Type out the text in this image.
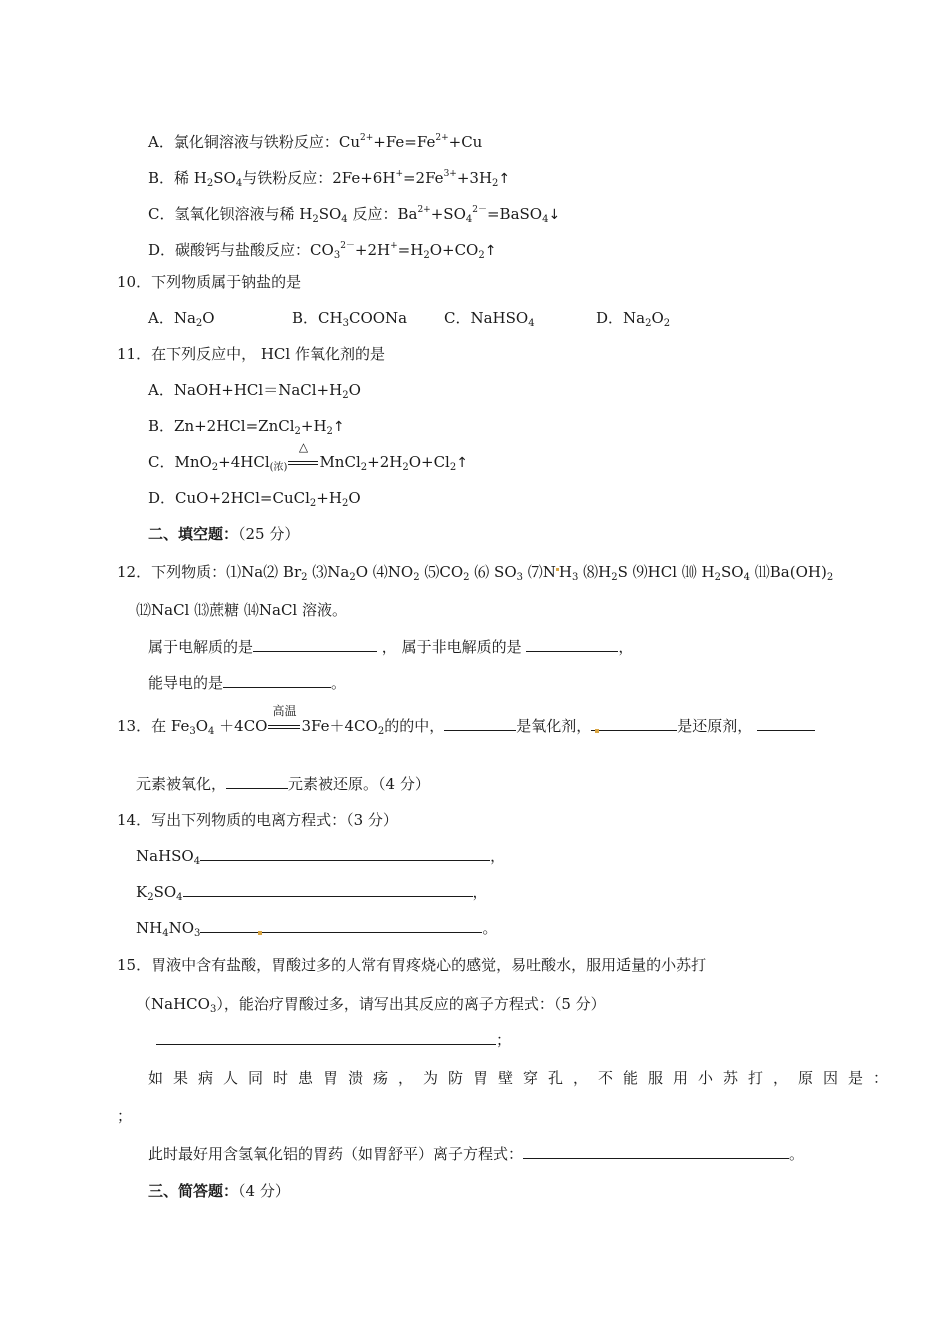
A．氯化铜溶液与铁粉反应：$Cu^{2+}+Fe=Fe^{2+}+Cu$
B．稀 $H_2SO_4$与铁粉反应：$2Fe+6H^+=2Fe^{3+}+3H_2↑$
C．氢氧化钡溶液与稀 $H_2SO_4$ 反应：$Ba^{2+}+SO_4^{2-}=BaSO_4↓$
D．碳酸钙与盐酸反应：$CO_3^{2-}+2H^+=H_2O+CO_2↑$
10．下列物质属于钠盐的是
A．$Na_2O$	B．$CH_3COONa$ C．NaHSO$_4$	D．$Na_2O_2$
11．在下列反应中， HCl 作氧化剂的是
A．$NaOH+HCl=NaCl+H_2O$
B．$Zn+2HCl=ZnCl_2+H_2↑$
C．MnO$_2$+4HCl$_{(浓)}$
△
$MnCl_2+2H_2O+Cl_2↑$
D．$CuO+2HCl=CuCl_2+H_2O$
二、填空题：（25 分）
12．下列物质：⑴Na⑵ $Br_2$ $⑶Na_2O$ $⑷NO_2$ $⑸CO_2$ ⑹ $SO_3$ ⑺N $H_3$ $⑻H_2S$ ⑼HCl ⑽ $H_2SO_4$ $⑾Ba(OH)_2$
⑿NaCl ⒀蔗糖 ⒁NaCl 溶液。
属于电解质的是	， 属于非电解质的是	，
能导电的是	。
13．在 $Fe_3O_4 +4CO$
高温
$3Fe+4CO_2$的的中，	是氧化剂，	是还原剂，
元素被氧化，	元素被还原。（4 分）
14．写出下列物质的电离方程式：（3 分）
NaHSO$_4$	，
$K_2SO_4$	，
$NH_4NO_3$	。
15．胃液中含有盐酸，胃酸过多的人常有胃疼烧心的感觉，易吐酸水，服用适量的小苏打
（NaHCO$_3$），能治疗胃酸过多，请写出其反应的离子方程式：（5 分）
；
如果病人同时患胃溃疡，为防胃壁穿孔，不能服用小苏打，原因是：
；
此时最好用含氢氧化铝的胃药（如胃舒平）离子方程式：	。
三、简答题：（4 分）
